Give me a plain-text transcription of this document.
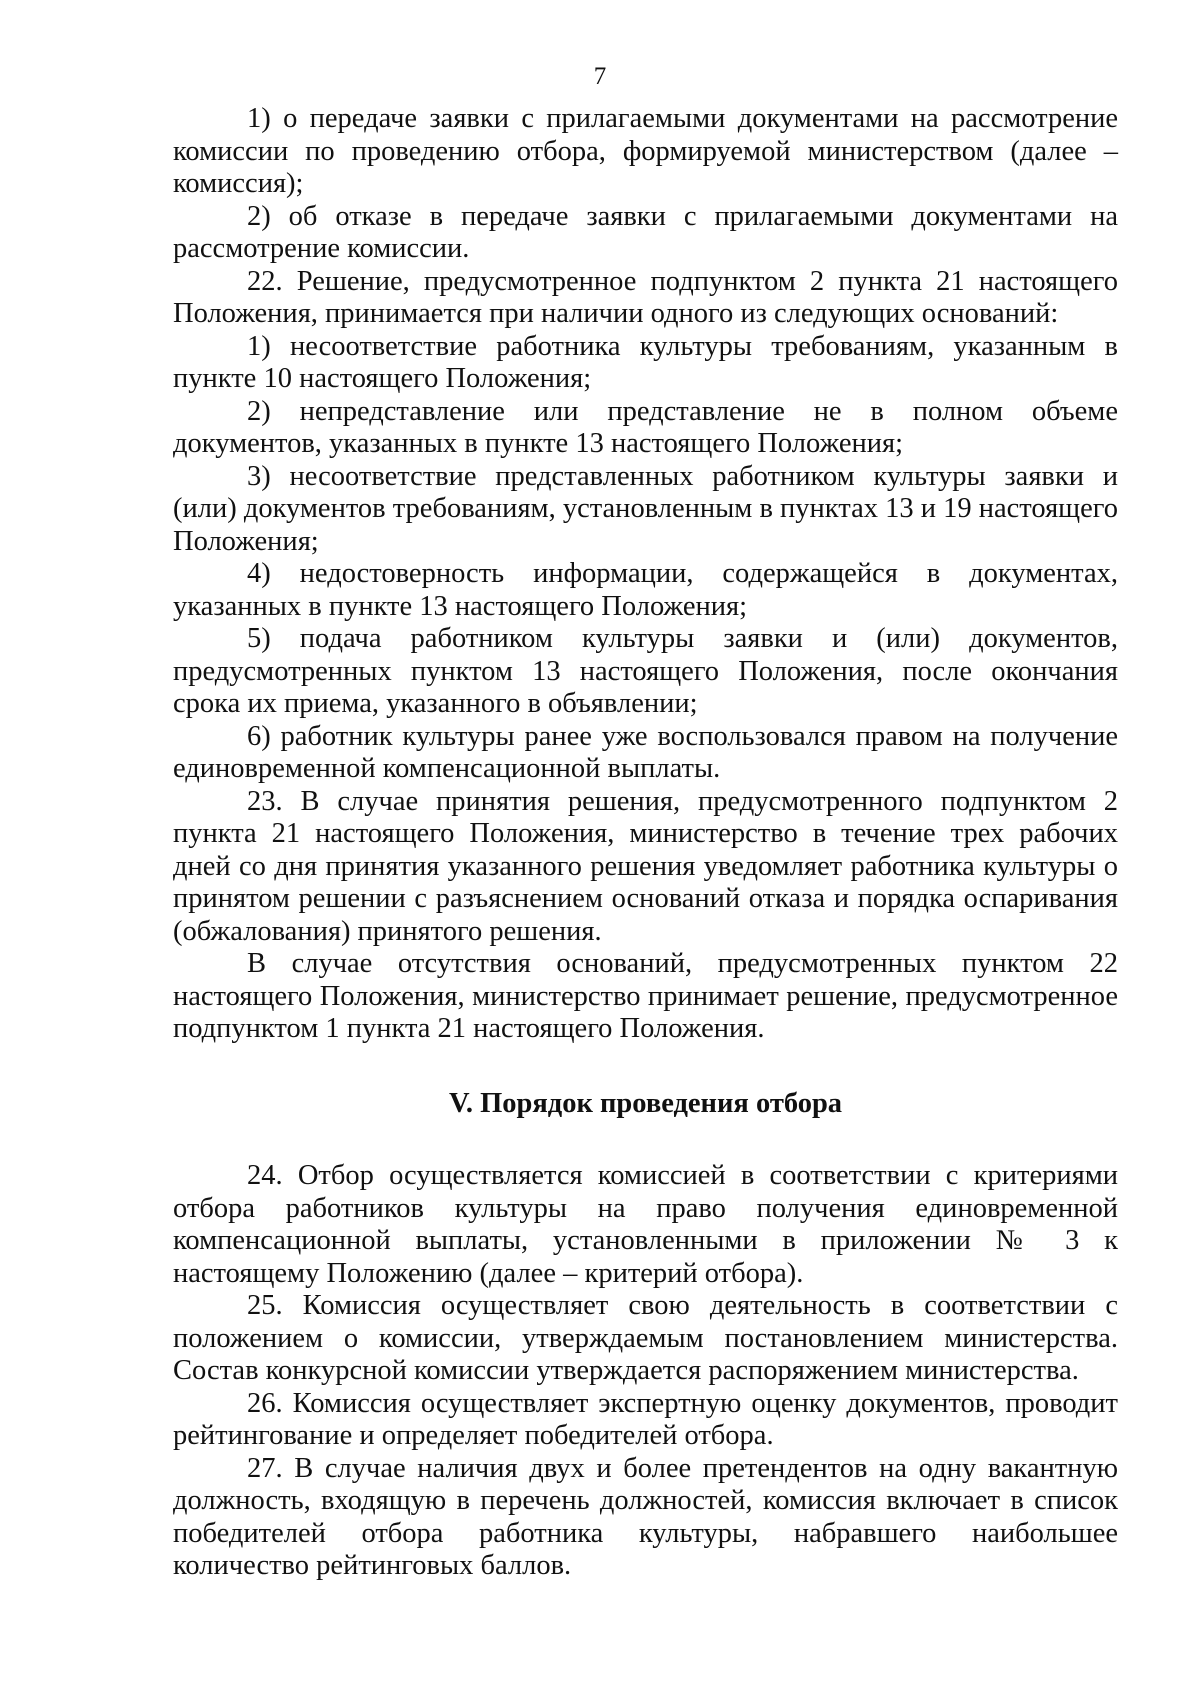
7

1) о передаче заявки с прилагаемыми документами на рассмотрение комиссии по проведению отбора, формируемой министерством (далее – комиссия);

2) об отказе в передаче заявки с прилагаемыми документами на рассмотрение комиссии.

22. Решение, предусмотренное подпунктом 2 пункта 21 настоящего Положения, принимается при наличии одного из следующих оснований:

1) несоответствие работника культуры требованиям, указанным в пункте 10 настоящего Положения;

2) непредставление или представление не в полном объеме документов, указанных в пункте 13 настоящего Положения;

3) несоответствие представленных работником культуры заявки и (или) документов требованиям, установленным в пунктах 13 и 19 настоящего Положения;

4) недостоверность информации, содержащейся в документах, указанных в пункте 13 настоящего Положения;

5) подача работником культуры заявки и (или) документов, предусмотренных пунктом 13 настоящего Положения, после окончания срока их приема, указанного в объявлении;

6) работник культуры ранее уже воспользовался правом на получение единовременной компенсационной выплаты.

23. В случае принятия решения, предусмотренного подпунктом 2 пункта 21 настоящего Положения, министерство в течение трех рабочих дней со дня принятия указанного решения уведомляет работника культуры о принятом решении с разъяснением оснований отказа и порядка оспаривания (обжалования) принятого решения.

В случае отсутствия оснований, предусмотренных пунктом 22 настоящего Положения, министерство принимает решение, предусмотренное подпунктом 1 пункта 21 настоящего Положения.

V. Порядок проведения отбора

24. Отбор осуществляется комиссией в соответствии с критериями отбора работников культуры на право получения единовременной компенсационной выплаты, установленными в приложении № 3 к настоящему Положению (далее – критерий отбора).

25. Комиссия осуществляет свою деятельность в соответствии с положением о комиссии, утверждаемым постановлением министерства. Состав конкурсной комиссии утверждается распоряжением министерства.

26. Комиссия осуществляет экспертную оценку документов, проводит рейтингование и определяет победителей отбора.

27. В случае наличия двух и более претендентов на одну вакантную должность, входящую в перечень должностей, комиссия включает в список победителей отбора работника культуры, набравшего наибольшее количество рейтинговых баллов.
